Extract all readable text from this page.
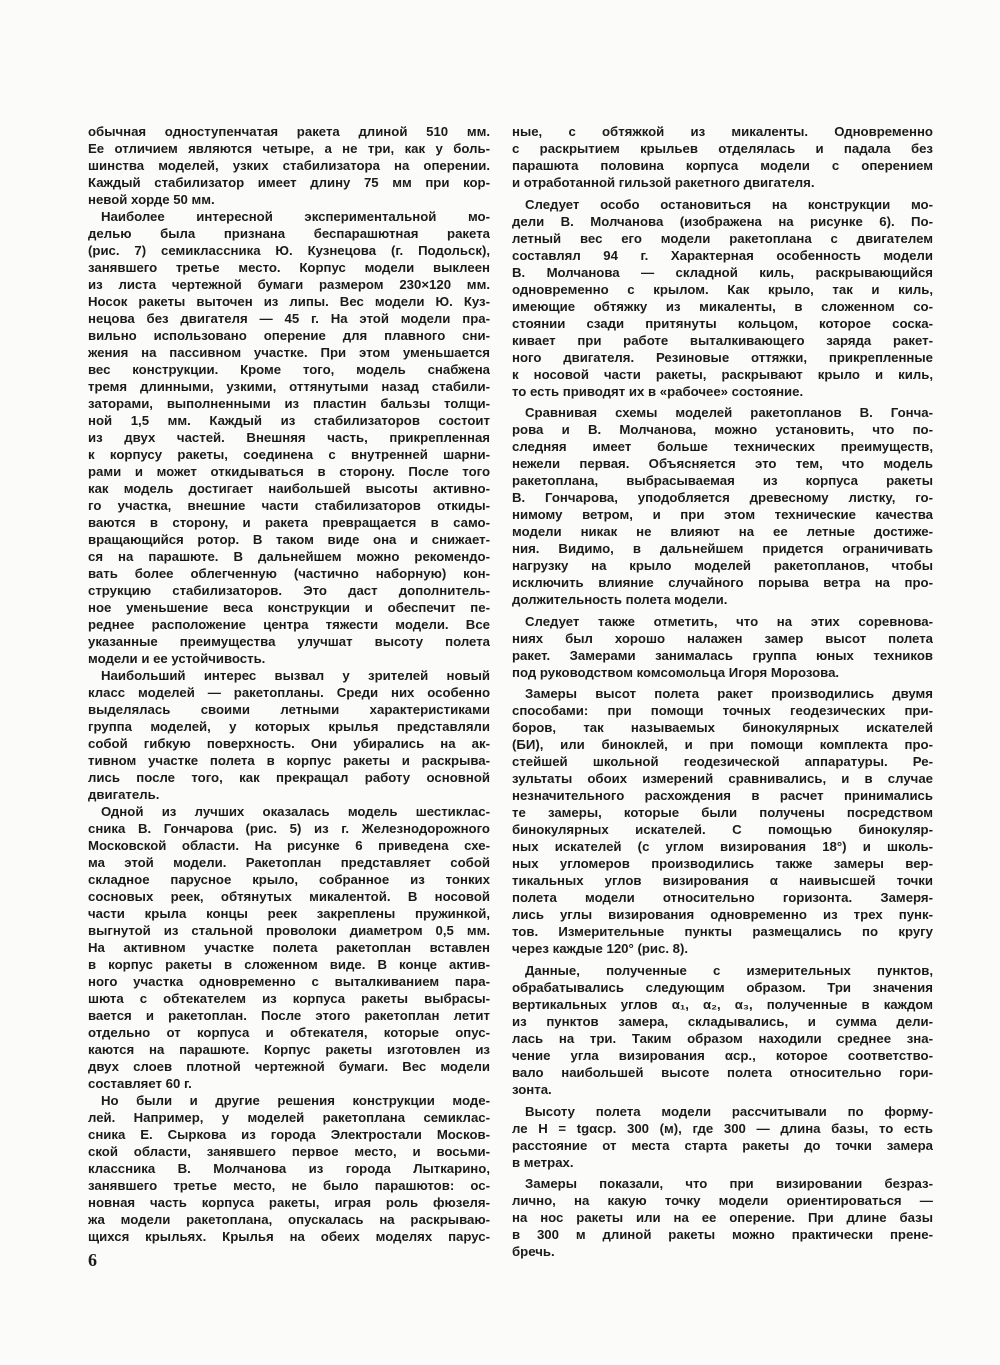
обычная одноступенчатая ракета длиной 510 мм.
Ее отличием являются четыре, а не три, как у боль-
шинства моделей, узких стабилизатора на оперении.
Каждый стабилизатор имеет длину 75 мм при кор-
невой хорде 50 мм.
Наиболее интересной экспериментальной мо-
делью была признана беспарашютная ракета
(рис. 7) семиклассника Ю. Кузнецова (г. Подольск),
занявшего третье место. Корпус модели выклеен
из листа чертежной бумаги размером 230×120 мм.
Носок ракеты выточен из липы. Вес модели Ю. Куз-
нецова без двигателя — 45 г. На этой модели пра-
вильно использовано оперение для плавного сни-
жения на пассивном участке. При этом уменьшается
вес конструкции. Кроме того, модель снабжена
тремя длинными, узкими, оттянутыми назад стабили-
заторами, выполненными из пластин бальзы толщи-
ной 1,5 мм. Каждый из стабилизаторов состоит
из двух частей. Внешняя часть, прикрепленная
к корпусу ракеты, соединена с внутренней шарни-
рами и может откидываться в сторону. После того
как модель достигает наибольшей высоты активно-
го участка, внешние части стабилизаторов откиды-
ваются в сторону, и ракета превращается в само-
вращающийся ротор. В таком виде она и снижает-
ся на парашюте. В дальнейшем можно рекомендо-
вать более облегченную (частично наборную) кон-
струкцию стабилизаторов. Это даст дополнитель-
ное уменьшение веса конструкции и обеспечит пе-
реднее расположение центра тяжести модели. Все
указанные преимущества улучшат высоту полета
модели и ее устойчивость.
Наибольший интерес вызвал у зрителей новый
класс моделей — ракетопланы. Среди них особенно
выделялась своими летными характеристиками
группа моделей, у которых крылья представляли
собой гибкую поверхность. Они убирались на ак-
тивном участке полета в корпус ракеты и раскрыва-
лись после того, как прекращал работу основной
двигатель.
Одной из лучших оказалась модель шестиклас-
сника В. Гончарова (рис. 5) из г. Железнодорожного
Московской области. На рисунке 6 приведена схе-
ма этой модели. Ракетоплан представляет собой
складное парусное крыло, собранное из тонких
сосновых реек, обтянутых микалентой. В носовой
части крыла концы реек закреплены пружинкой,
выгнутой из стальной проволоки диаметром 0,5 мм.
На активном участке полета ракетоплан вставлен
в корпус ракеты в сложенном виде. В конце актив-
ного участка одновременно с выталкиванием пара-
шюта с обтекателем из корпуса ракеты выбрасы-
вается и ракетоплан. После этого ракетоплан летит
отдельно от корпуса и обтекателя, которые опус-
каются на парашюте. Корпус ракеты изготовлен из
двух слоев плотной чертежной бумаги. Вес модели
составляет 60 г.
Но были и другие решения конструкции моде-
лей. Например, у моделей ракетоплана семиклас-
сника Е. Сыркова из города Электростали Москов-
ской области, занявшего первое место, и восьми-
классника В. Молчанова из города Лыткарино,
занявшего третье место, не было парашютов: ос-
новная часть корпуса ракеты, играя роль фюзеля-
жа модели ракетоплана, опускалась на раскрываю-
щихся крыльях. Крылья на обеих моделях парус-
ные, с обтяжкой из микаленты. Одновременно
с раскрытием крыльев отделялась и падала без
парашюта половина корпуса модели с оперением
и отработанной гильзой ракетного двигателя.
Следует особо остановиться на конструкции мо-
дели В. Молчанова (изображена на рисунке 6). По-
летный вес его модели ракетоплана с двигателем
составлял 94 г. Характерная особенность модели
В. Молчанова — складной киль, раскрывающийся
одновременно с крылом. Как крыло, так и киль,
имеющие обтяжку из микаленты, в сложенном со-
стоянии сзади притянуты кольцом, которое соска-
кивает при работе выталкивающего заряда ракет-
ного двигателя. Резиновые оттяжки, прикрепленные
к носовой части ракеты, раскрывают крыло и киль,
то есть приводят их в «рабочее» состояние.
Сравнивая схемы моделей ракетопланов В. Гонча-
рова и В. Молчанова, можно установить, что по-
следняя имеет больше технических преимуществ,
нежели первая. Объясняется это тем, что модель
ракетоплана, выбрасываемая из корпуса ракеты
В. Гончарова, уподобляется древесному листку, го-
нимому ветром, и при этом технические качества
модели никак не влияют на ее летные достиже-
ния. Видимо, в дальнейшем придется ограничивать
нагрузку на крыло моделей ракетопланов, чтобы
исключить влияние случайного порыва ветра на про-
должительность полета модели.
Следует также отметить, что на этих соревнова-
ниях был хорошо налажен замер высот полета
ракет. Замерами занималась группа юных техников
под руководством комсомольца Игоря Морозова.
Замеры высот полета ракет производились двумя
способами: при помощи точных геодезических при-
боров, так называемых бинокулярных искателей
(БИ), или биноклей, и при помощи комплекта про-
стейшей школьной геодезической аппаратуры. Ре-
зультаты обоих измерений сравнивались, и в случае
незначительного расхождения в расчет принимались
те замеры, которые были получены посредством
бинокулярных искателей. С помощью бинокуляр-
ных искателей (с углом визирования 18°) и школь-
ных угломеров производились также замеры вер-
тикальных углов визирования α наивысшей точки
полета модели относительно горизонта. Замеря-
лись углы визирования одновременно из трех пунк-
тов. Измерительные пункты размещались по кругу
через каждые 120° (рис. 8).
Данные, полученные с измерительных пунктов,
обрабатывались следующим образом. Три значения
вертикальных углов α₁, α₂, α₃, полученные в каждом
из пунктов замера, складывались, и сумма дели-
лась на три. Таким образом находили среднее зна-
чение угла визирования αср., которое соответство-
вало наибольшей высоте полета относительно гори-
зонта.
Высоту полета модели рассчитывали по форму-
ле H = tgαср. 300 (м), где 300 — длина базы, то есть
расстояние от места старта ракеты до точки замера
в метрах.
Замеры показали, что при визировании безраз-
лично, на какую точку модели ориентироваться —
на нос ракеты или на ее оперение. При длине базы
в 300 м длиной ракеты можно практически прене-
бречь.
6
